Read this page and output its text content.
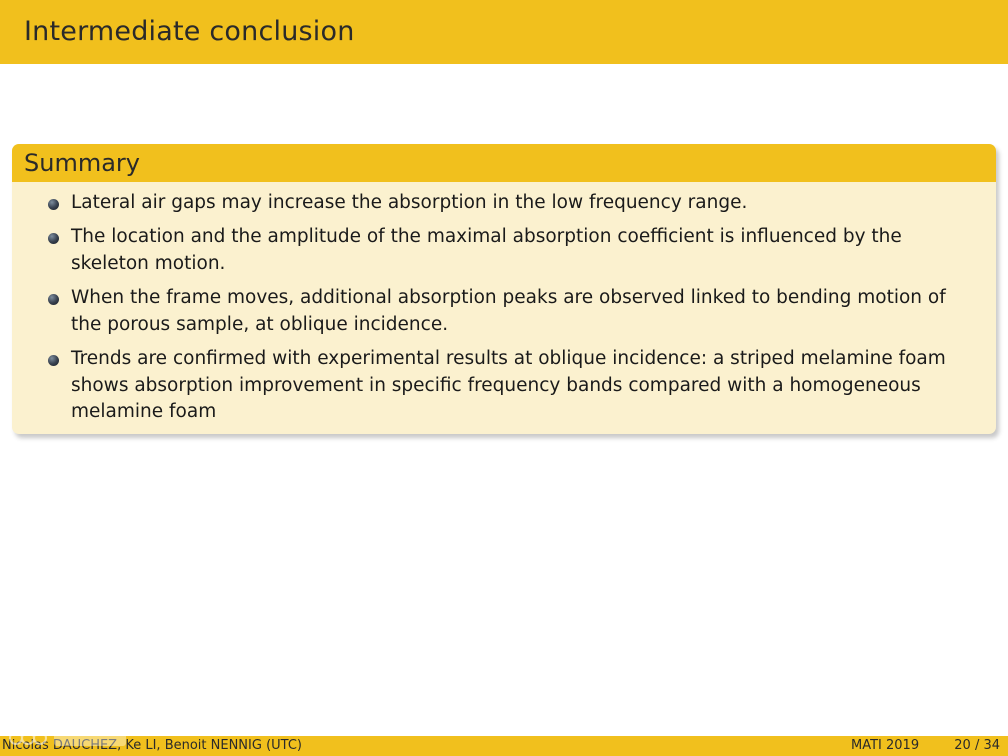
Intermediate conclusion
Summary
Lateral air gaps may increase the absorption in the low frequency range.
The location and the amplitude of the maximal absorption coefficient is influenced by the skeleton motion.
When the frame moves, additional absorption peaks are observed linked to bending motion of the porous sample, at oblique incidence.
Trends are confirmed with experimental results at oblique incidence: a striped melamine foam shows absorption improvement in specific frequency bands compared with a homogeneous melamine foam
Nicolas DAUCHEZ, Ke LI, Benoit NENNIG (UTC)	MATI 2019	20 / 34
